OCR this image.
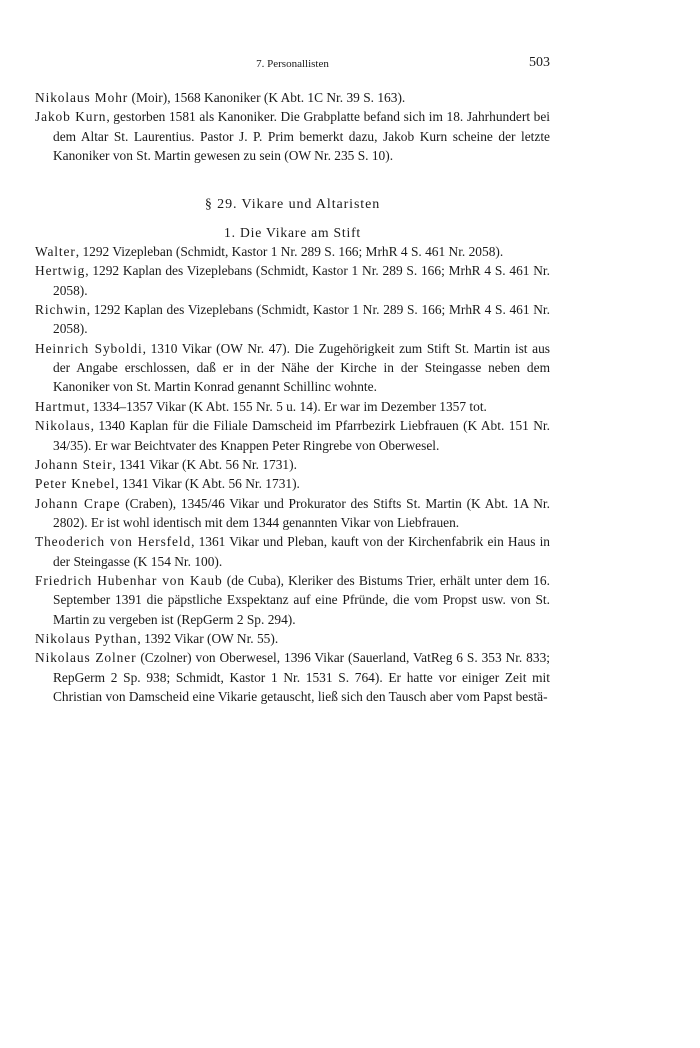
7. Personallisten	503

Nikolaus Mohr (Moir), 1568 Kanoniker (K Abt. 1C Nr. 39 S. 163).

Jakob Kurn, gestorben 1581 als Kanoniker. Die Grabplatte befand sich im 18. Jahrhundert bei dem Altar St. Laurentius. Pastor J. P. Prim bemerkt dazu, Jakob Kurn scheine der letzte Kanoniker von St. Martin gewesen zu sein (OW Nr. 235 S. 10).

§ 29. Vikare und Altaristen
1. Die Vikare am Stift

Walter, 1292 Vizepleban (Schmidt, Kastor 1 Nr. 289 S. 166; MrhR 4 S. 461 Nr. 2058).

Hertwig, 1292 Kaplan des Vizeplebans (Schmidt, Kastor 1 Nr. 289 S. 166; MrhR 4 S. 461 Nr. 2058).

Richwin, 1292 Kaplan des Vizeplebans (Schmidt, Kastor 1 Nr. 289 S. 166; MrhR 4 S. 461 Nr. 2058).

Heinrich Syboldi, 1310 Vikar (OW Nr. 47). Die Zugehörigkeit zum Stift St. Martin ist aus der Angabe erschlossen, daß er in der Nähe der Kirche in der Steingasse neben dem Kanoniker von St. Martin Konrad genannt Schillinc wohnte.

Hartmut, 1334–1357 Vikar (K Abt. 155 Nr. 5 u. 14). Er war im Dezember 1357 tot.

Nikolaus, 1340 Kaplan für die Filiale Damscheid im Pfarrbezirk Liebfrauen (K Abt. 151 Nr. 34/35). Er war Beichtvater des Knappen Peter Ringrebe von Oberwesel.

Johann Steir, 1341 Vikar (K Abt. 56 Nr. 1731).

Peter Knebel, 1341 Vikar (K Abt. 56 Nr. 1731).

Johann Crape (Craben), 1345/46 Vikar und Prokurator des Stifts St. Martin (K Abt. 1A Nr. 2802). Er ist wohl identisch mit dem 1344 genannten Vikar von Liebfrauen.

Theoderich von Hersfeld, 1361 Vikar und Pleban, kauft von der Kirchenfabrik ein Haus in der Steingasse (K 154 Nr. 100).

Friedrich Hubenhar von Kaub (de Cuba), Kleriker des Bistums Trier, erhält unter dem 16. September 1391 die päpstliche Exspektanz auf eine Pfründe, die vom Propst usw. von St. Martin zu vergeben ist (RepGerm 2 Sp. 294).

Nikolaus Pythan, 1392 Vikar (OW Nr. 55).

Nikolaus Zolner (Czolner) von Oberwesel, 1396 Vikar (Sauerland, VatReg 6 S. 353 Nr. 833; RepGerm 2 Sp. 938; Schmidt, Kastor 1 Nr. 1531 S. 764). Er hatte vor einiger Zeit mit Christian von Damscheid eine Vikarie getauscht, ließ sich den Tausch aber vom Papst bestä-
